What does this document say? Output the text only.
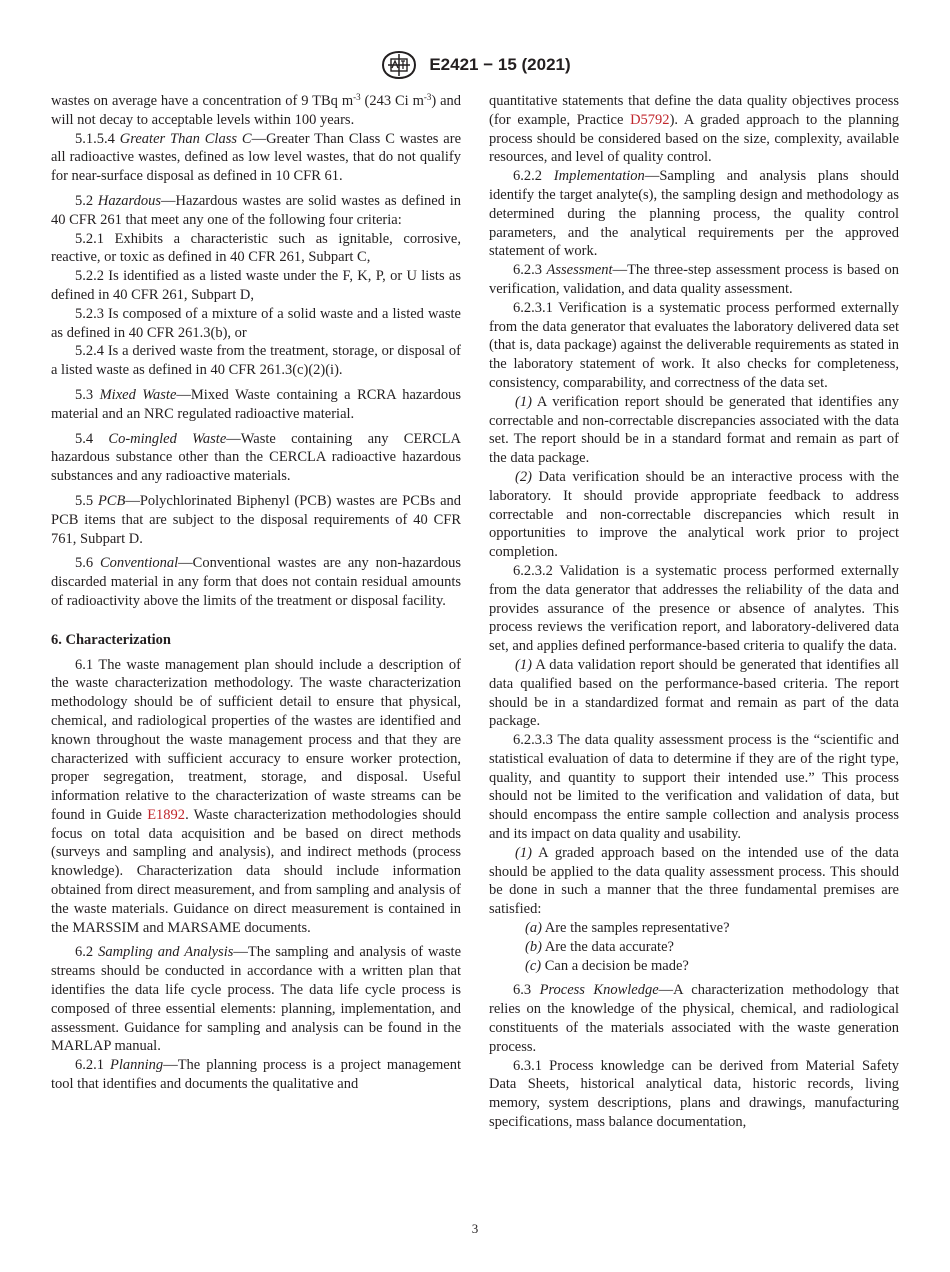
E2421 − 15 (2021)

wastes on average have a concentration of 9 TBq $m^{-3}$ (243 Ci $m^{-3}$) and will not decay to acceptable levels within 100 years.

5.1.5.4 Greater Than Class C—Greater Than Class C wastes are all radioactive wastes, defined as low level wastes, that do not qualify for near-surface disposal as defined in 10 CFR 61.

5.2 Hazardous—Hazardous wastes are solid wastes as defined in 40 CFR 261 that meet any one of the following four criteria:

5.2.1 Exhibits a characteristic such as ignitable, corrosive, reactive, or toxic as defined in 40 CFR 261, Subpart C,

5.2.2 Is identified as a listed waste under the F, K, P, or U lists as defined in 40 CFR 261, Subpart D,

5.2.3 Is composed of a mixture of a solid waste and a listed waste as defined in 40 CFR 261.3(b), or

5.2.4 Is a derived waste from the treatment, storage, or disposal of a listed waste as defined in 40 CFR 261.3(c)(2)(i).

5.3 Mixed Waste—Mixed Waste containing a RCRA hazardous material and an NRC regulated radioactive material.

5.4 Co-mingled Waste—Waste containing any CERCLA hazardous substance other than the CERCLA radioactive hazardous substances and any radioactive materials.

5.5 PCB—Polychlorinated Biphenyl (PCB) wastes are PCBs and PCB items that are subject to the disposal requirements of 40 CFR 761, Subpart D.

5.6 Conventional—Conventional wastes are any non-hazardous discarded material in any form that does not contain residual amounts of radioactivity above the limits of the treatment or disposal facility.

6. Characterization

6.1 The waste management plan should include a description of the waste characterization methodology. The waste characterization methodology should be of sufficient detail to ensure that physical, chemical, and radiological properties of the wastes are identified and known throughout the waste management process and that they are characterized with sufficient accuracy to ensure worker protection, proper segregation, treatment, storage, and disposal. Useful information relative to the characterization of waste streams can be found in Guide E1892. Waste characterization methodologies should focus on total data acquisition and be based on direct methods (surveys and sampling and analysis), and indirect methods (process knowledge). Characterization data should include information obtained from direct measurement, and from sampling and analysis of the waste materials. Guidance on direct measurement is contained in the MARSSIM and MARSAME documents.

6.2 Sampling and Analysis—The sampling and analysis of waste streams should be conducted in accordance with a written plan that identifies the data life cycle process. The data life cycle process is composed of three essential elements: planning, implementation, and assessment. Guidance for sampling and analysis can be found in the MARLAP manual.

6.2.1 Planning—The planning process is a project management tool that identifies and documents the qualitative and

quantitative statements that define the data quality objectives process (for example, Practice D5792). A graded approach to the planning process should be considered based on the size, complexity, available resources, and level of quality control.

6.2.2 Implementation—Sampling and analysis plans should identify the target analyte(s), the sampling design and methodology as determined during the planning process, the quality control parameters, and the analytical requirements per the approved statement of work.

6.2.3 Assessment—The three-step assessment process is based on verification, validation, and data quality assessment.

6.2.3.1 Verification is a systematic process performed externally from the data generator that evaluates the laboratory delivered data set (that is, data package) against the deliverable requirements as stated in the laboratory statement of work. It also checks for completeness, consistency, comparability, and correctness of the data set.

(1) A verification report should be generated that identifies any correctable and non-correctable discrepancies associated with the data set. The report should be in a standard format and remain as part of the data package.

(2) Data verification should be an interactive process with the laboratory. It should provide appropriate feedback to address correctable and non-correctable discrepancies which result in opportunities to improve the analytical work prior to project completion.

6.2.3.2 Validation is a systematic process performed externally from the data generator that addresses the reliability of the data and provides assurance of the presence or absence of analytes. This process reviews the verification report, and laboratory-delivered data set, and applies defined performance-based criteria to qualify the data.

(1) A data validation report should be generated that identifies all data qualified based on the performance-based criteria. The report should be in a standardized format and remain as part of the data package.

6.2.3.3 The data quality assessment process is the “scientific and statistical evaluation of data to determine if they are of the right type, quality, and quantity to support their intended use.” This process should not be limited to the verification and validation of data, but should encompass the entire sample collection and analysis process and its impact on data quality and usability.

(1) A graded approach based on the intended use of the data should be applied to the data quality assessment process. This should be done in such a manner that the three fundamental premises are satisfied:

(a) Are the samples representative?

(b) Are the data accurate?

(c) Can a decision be made?

6.3 Process Knowledge—A characterization methodology that relies on the knowledge of the physical, chemical, and radiological constituents of the materials associated with the waste generation process.

6.3.1 Process knowledge can be derived from Material Safety Data Sheets, historical analytical data, historic records, living memory, system descriptions, plans and drawings, manufacturing specifications, mass balance documentation,

3
